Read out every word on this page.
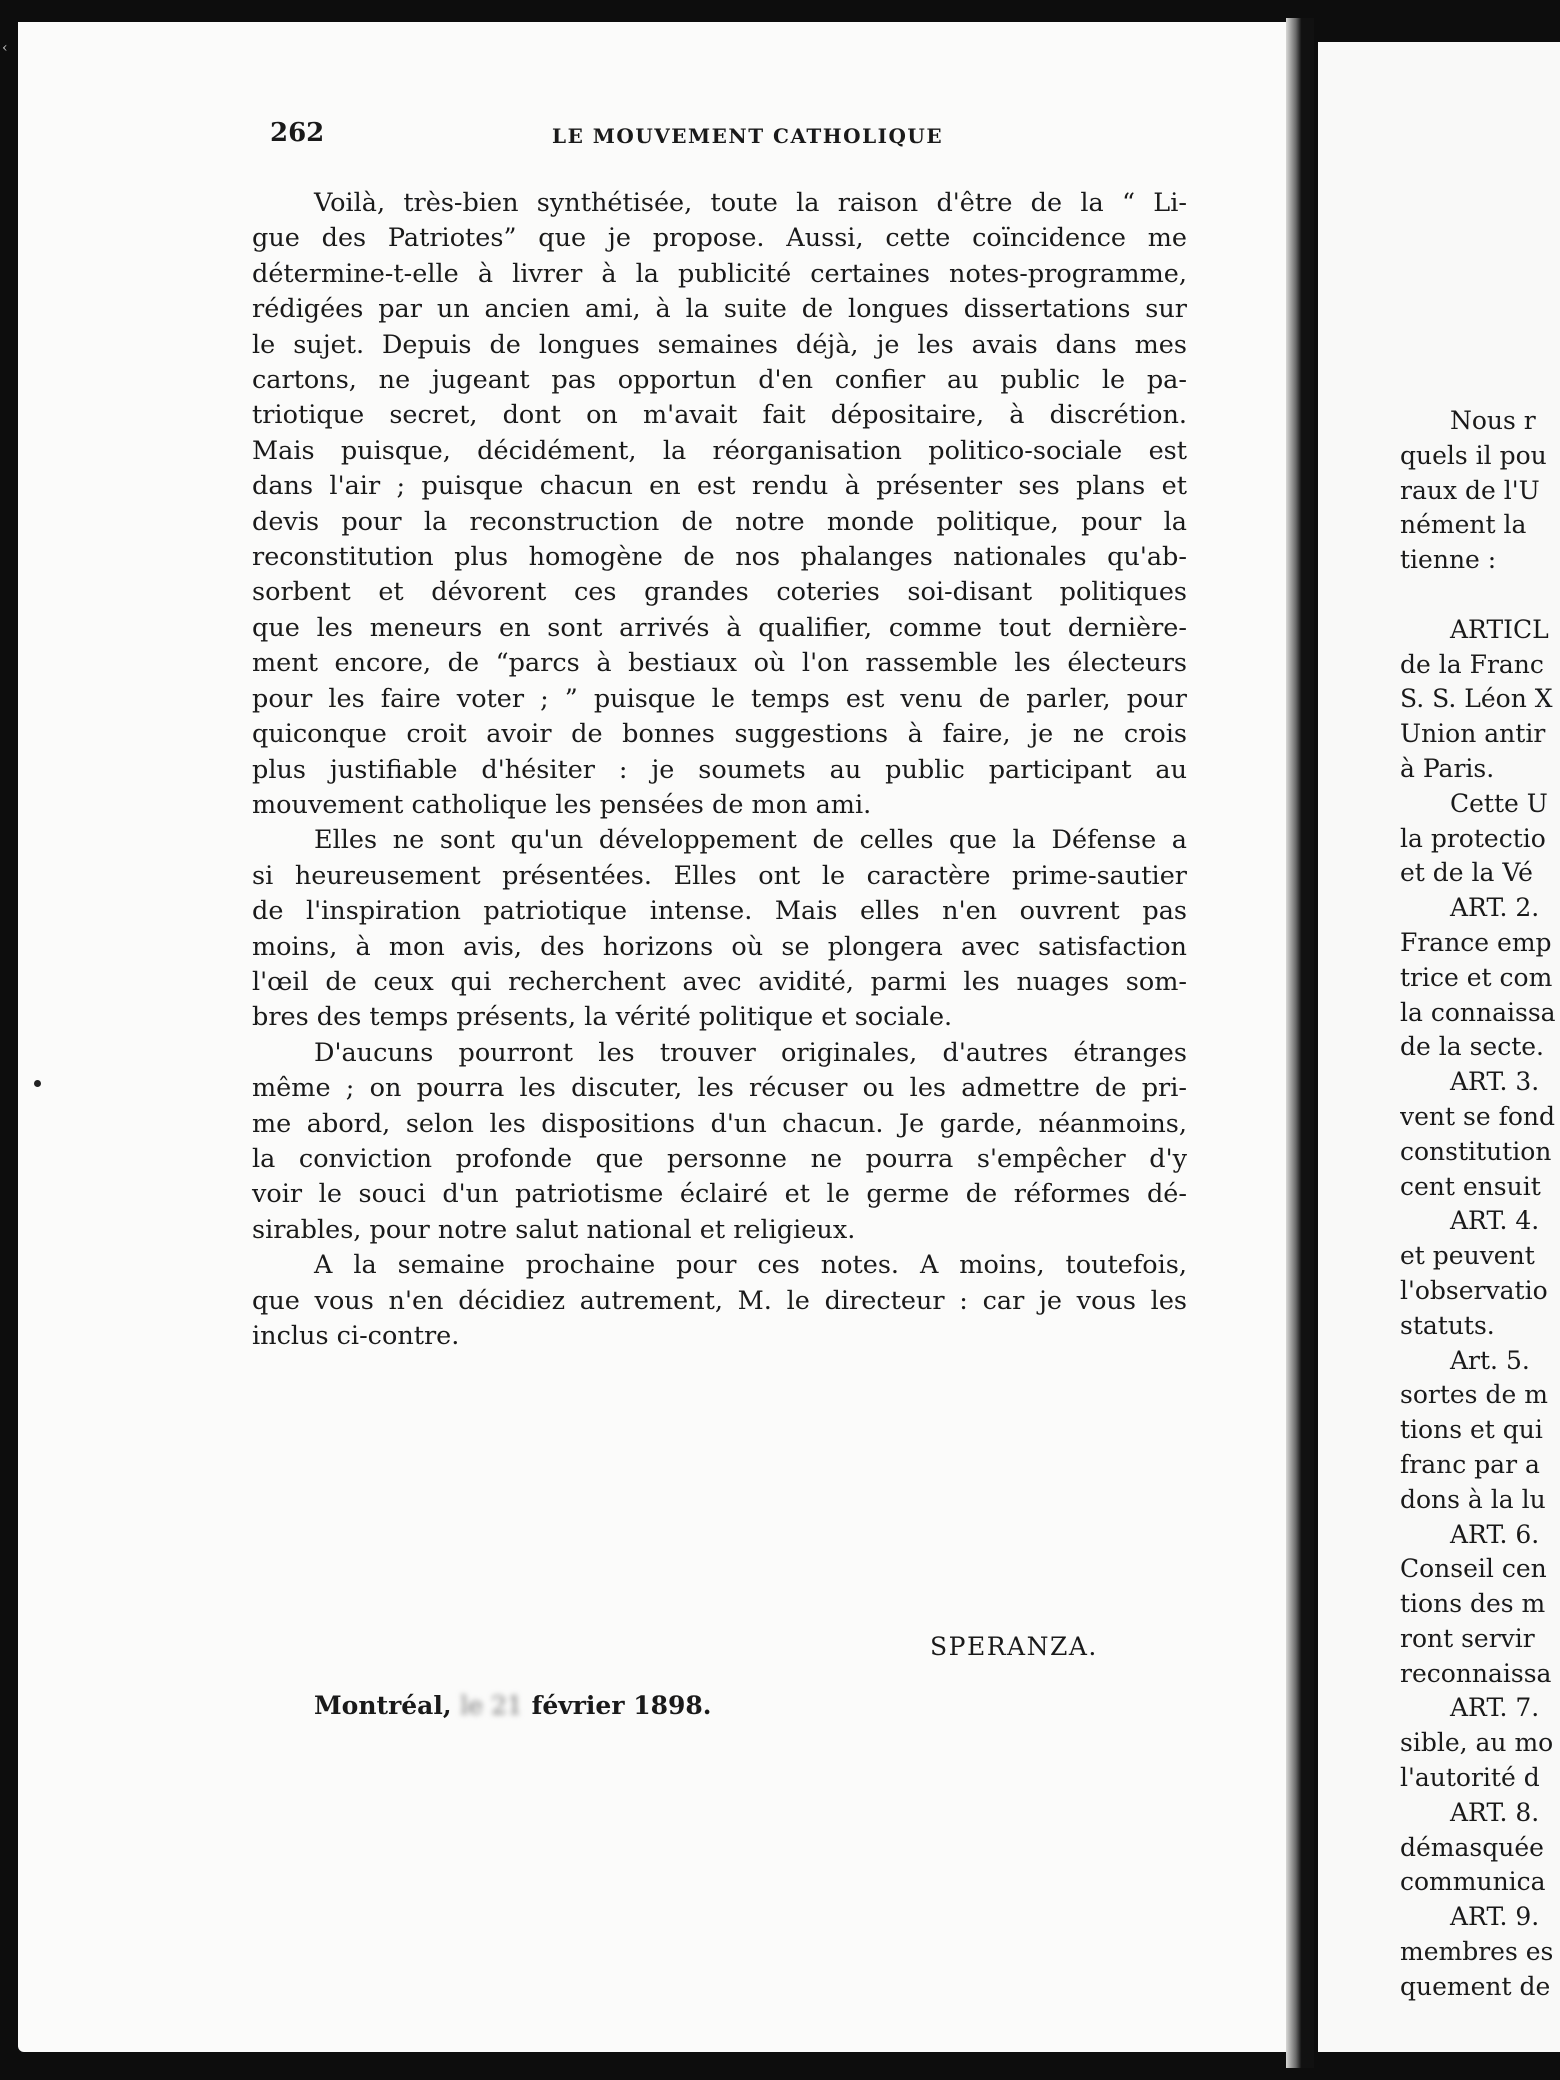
‹
262	LE MOUVEMENT CATHOLIQUE
Voilà, très-bien synthétisée, toute la raison d'être de la “ Li-
gue des Patriotes” que je propose. Aussi, cette coïncidence me
détermine-t-elle à livrer à la publicité certaines notes-programme,
rédigées par un ancien ami, à la suite de longues dissertations sur
le sujet. Depuis de longues semaines déjà, je les avais dans mes
cartons, ne jugeant pas opportun d'en confier au public le pa-
triotique secret, dont on m'avait fait dépositaire, à discrétion.
Mais puisque, décidément, la réorganisation politico-sociale est
dans l'air ; puisque chacun en est rendu à présenter ses plans et
devis pour la reconstruction de notre monde politique, pour la
reconstitution plus homogène de nos phalanges nationales qu'ab-
sorbent et dévorent ces grandes coteries soi-disant politiques
que les meneurs en sont arrivés à qualifier, comme tout dernière-
ment encore, de “parcs à bestiaux où l'on rassemble les électeurs
pour les faire voter ; ” puisque le temps est venu de parler, pour
quiconque croit avoir de bonnes suggestions à faire, je ne crois
plus justifiable d'hésiter : je soumets au public participant au
mouvement catholique les pensées de mon ami.
Elles ne sont qu'un développement de celles que la Défense a
si heureusement présentées. Elles ont le caractère prime-sautier
de l'inspiration patriotique intense. Mais elles n'en ouvrent pas
moins, à mon avis, des horizons où se plongera avec satisfaction
l'œil de ceux qui recherchent avec avidité, parmi les nuages som-
bres des temps présents, la vérité politique et sociale.
D'aucuns pourront les trouver originales, d'autres étranges
même ; on pourra les discuter, les récuser ou les admettre de pri-
me abord, selon les dispositions d'un chacun. Je garde, néanmoins,
la conviction profonde que personne ne pourra s'empêcher d'y
voir le souci d'un patriotisme éclairé et le germe de réformes dé-
sirables, pour notre salut national et religieux.
A la semaine prochaine pour ces notes. A moins, toutefois,
que vous n'en décidiez autrement, M. le directeur : car je vous les
inclus ci-contre.
SPERANZA.
Montréal, le 21 février 1898.
Nous r
quels il pou
raux de l'U
nément la
tienne :
ARTICL
de la Franc
S. S. Léon X
Union antir
à Paris.
Cette U
la protectio
et de la Vé
ART. 2.
France emp
trice et com
la connaissa
de la secte.
ART. 3.
vent se fond
constitution
cent ensuit
ART. 4.
et peuvent
l'observatio
statuts.
Art. 5.
sortes de m
tions et qui
franc par a
dons à la lu
ART. 6.
Conseil cen
tions des m
ront servir
reconnaissa
ART. 7.
sible, au mo
l'autorité d
ART. 8.
démasquée
communica
ART. 9.
membres es
quement de
